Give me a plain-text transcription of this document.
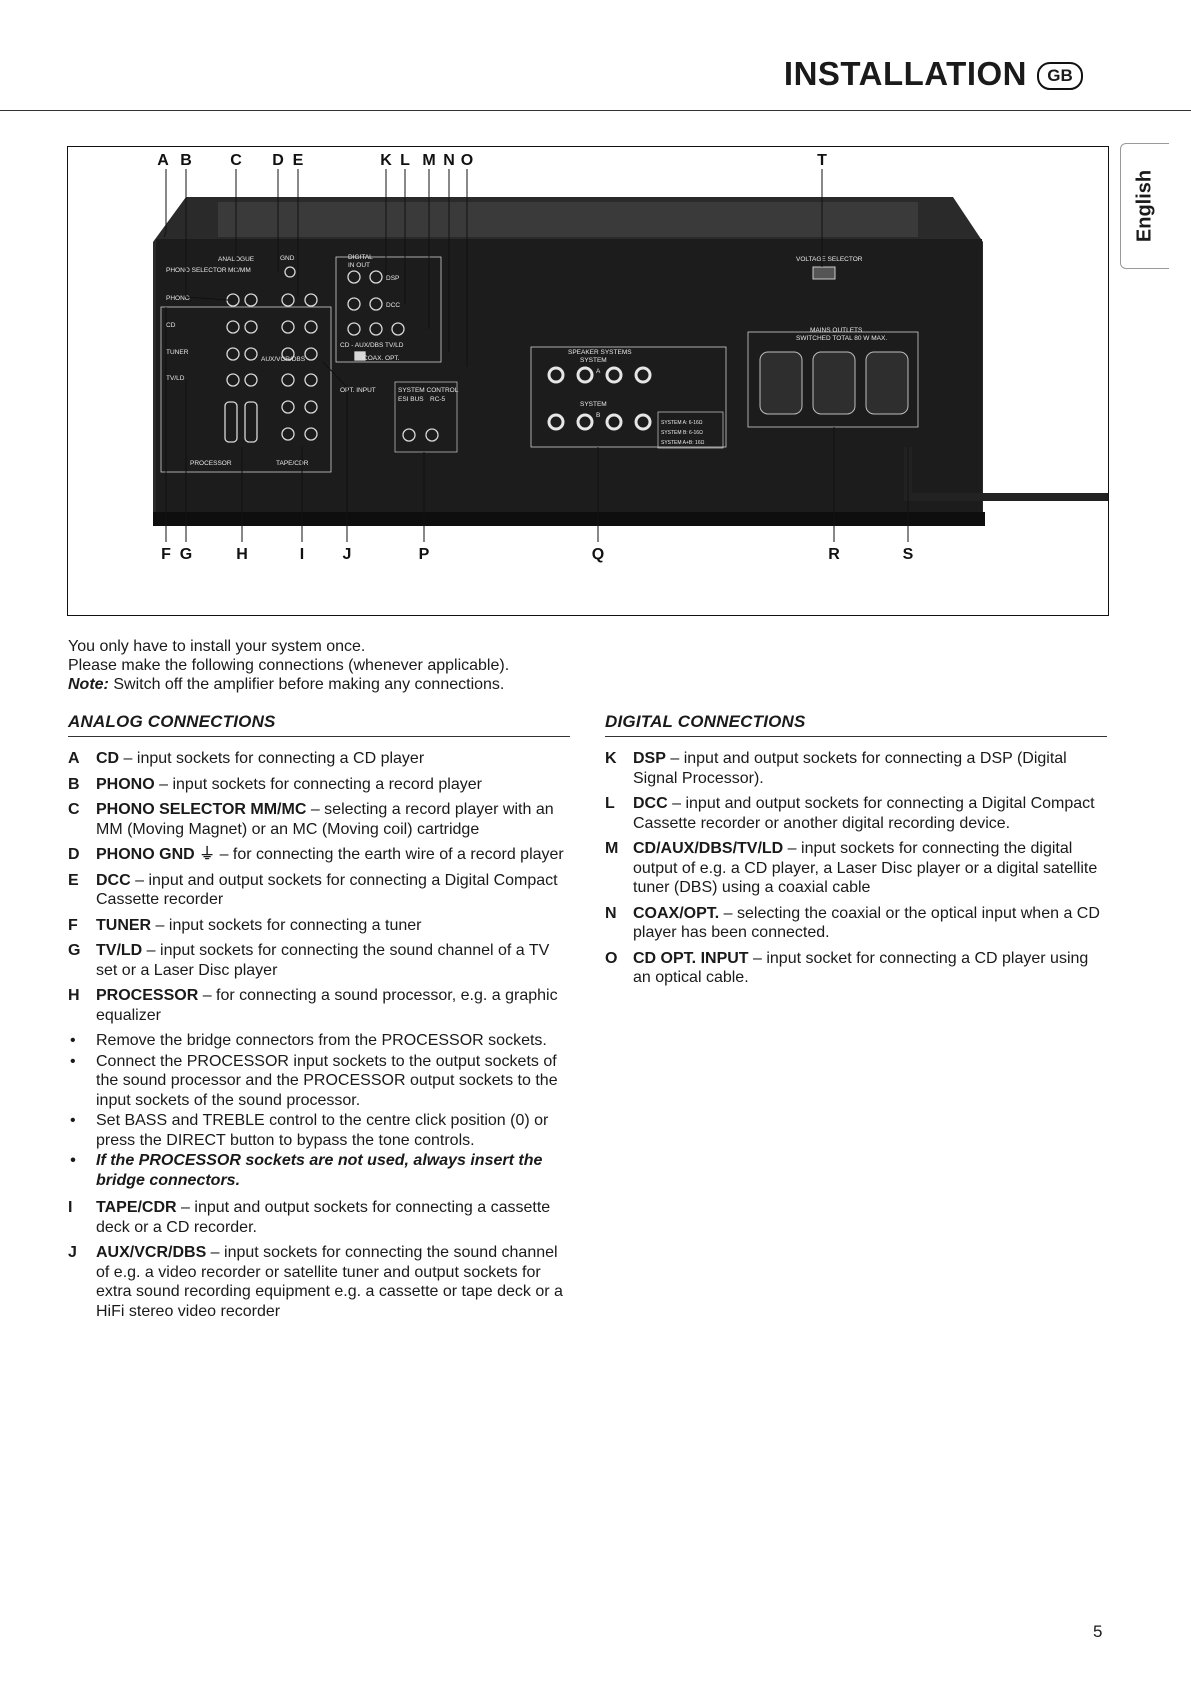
INSTALLATION GB
English
ANALOGUE	DIGITAL
GND
IN OUT
DSP
DCC
PHONO SELECTOR MC/MM
PHONO
CD
TUNER
TV/LD
AUX/VCR/DBS
PROCESSOR	TAPE/CDR
CD - AUX/DBS TV/LD
COAX. OPT.
OPT. INPUT	SYSTEM CONTROL
ESI BUS RC-5
SPEAKER SYSTEMS
SYSTEM
A
SYSTEM
B
SYSTEM A: 6-16Ω
SYSTEM B: 6-16Ω
SYSTEM A+B: 16Ω
VOLTAGE SELECTOR
MAINS OUTLETS
SWITCHED TOTAL 80 W MAX.
A B C D E	K L M N O	T
F G	H	I J	P	Q	R	S
You only have to install your system once.
Please make the following connections (whenever applicable).
Note: Switch off the amplifier before making any connections.
ANALOG CONNECTIONS
A CD – input sockets for connecting a CD player
B PHONO – input sockets for connecting a record player
C PHONO SELECTOR MM/MC – selecting a record player with an MM (Moving Magnet) or an MC (Moving coil) cartridge
D PHONO GND ⏚ – for connecting the earth wire of a record player
E DCC – input and output sockets for connecting a Digital Compact Cassette recorder
F TUNER – input sockets for connecting a tuner
G TV/LD – input sockets for connecting the sound channel of a TV set or a Laser Disc player
H PROCESSOR – for connecting a sound processor, e.g. a graphic equalizer
• Remove the bridge connectors from the PROCESSOR sockets.
• Connect the PROCESSOR input sockets to the output sockets of the sound processor and the PROCESSOR output sockets to the input sockets of the sound processor.
• Set BASS and TREBLE control to the centre click position (0) or press the DIRECT button to bypass the tone controls.
• If the PROCESSOR sockets are not used, always insert the bridge connectors.
I TAPE/CDR – input and output sockets for connecting a cassette deck or a CD recorder.
J AUX/VCR/DBS – input sockets for connecting the sound channel of e.g. a video recorder or satellite tuner and output sockets for extra sound recording equipment e.g. a cassette or tape deck or a HiFi stereo video recorder
DIGITAL CONNECTIONS
K DSP – input and output sockets for connecting a DSP (Digital Signal Processor).
L DCC – input and output sockets for connecting a Digital Compact Cassette recorder or another digital recording device.
M CD/AUX/DBS/TV/LD – input sockets for connecting the digital output of e.g. a CD player, a Laser Disc player or a digital satellite tuner (DBS) using a coaxial cable
N COAX/OPT. – selecting the coaxial or the optical input when a CD player has been connected.
O CD OPT. INPUT – input socket for connecting a CD player using an optical cable.
5
